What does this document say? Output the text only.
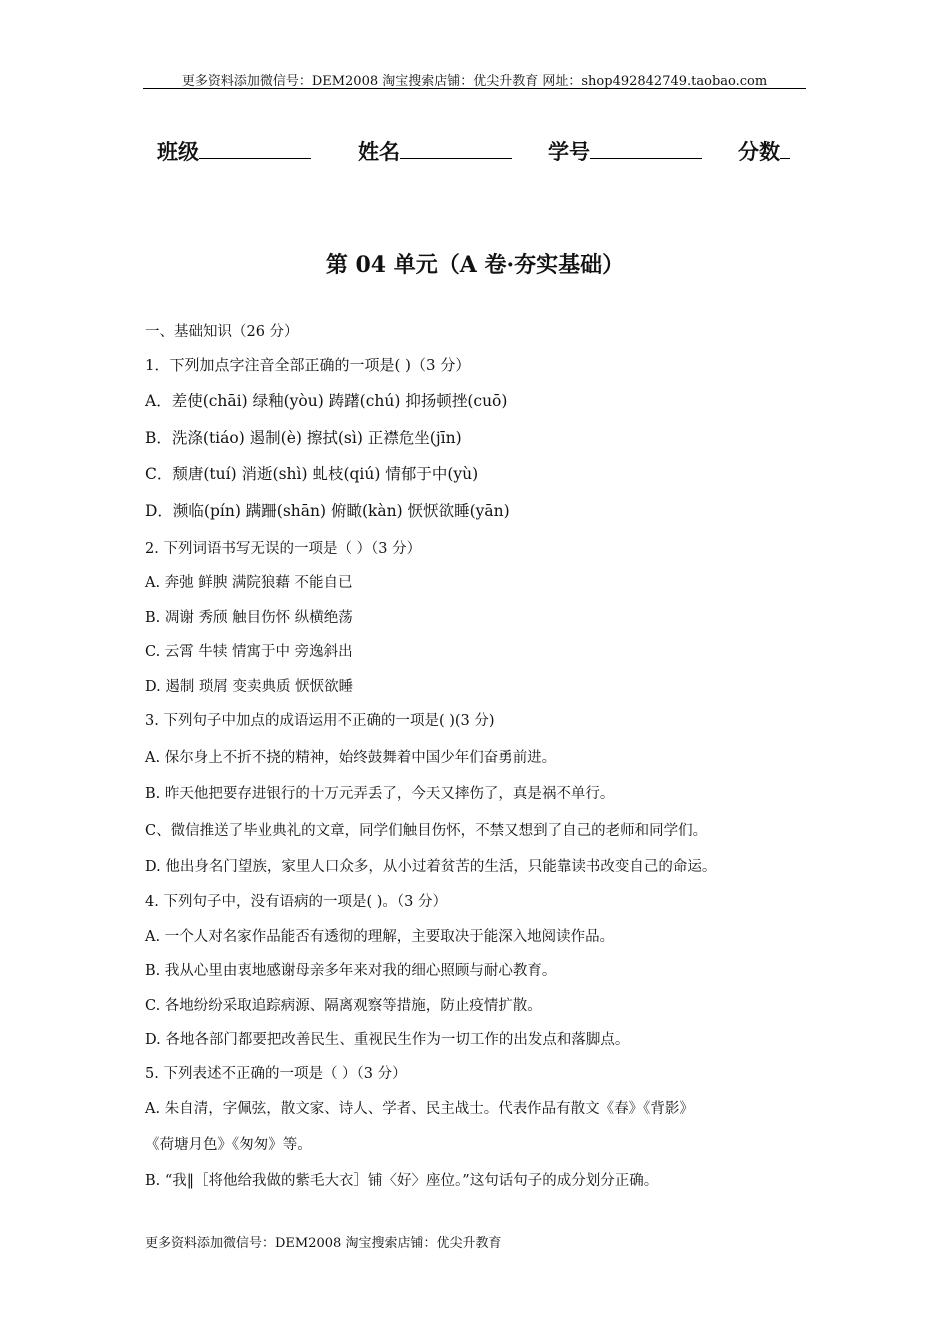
更多资料添加微信号：DEM2008 淘宝搜索店铺：优尖升教育 网址：shop492842749.taobao.com
班级	姓名	学号	分数
第 04 单元（A 卷·夯实基础）
一、基础知识（26 分）
1．下列加点字注音全部正确的一项是( )（3 分）
A．差使(chāi) 绿釉(yòu) 踌躇(chú) 抑扬顿挫(cuō)
B．洗涤(tiáo) 遏制(è) 擦拭(sì) 正襟危坐(jīn)
C．颓唐(tuí) 消逝(shì) 虬枝(qiú) 情郁于中(yù)
D．濒临(pín) 蹒跚(shān) 俯瞰(kàn) 恹恹欲睡(yān)
2. 下列词语书写无误的一项是（ ）（3 分）
A. 奔弛 鲜腴 满院狼藉 不能自已
B. 凋谢 秀颀 触目伤怀 纵横绝荡
C. 云霄 牛犊 情寓于中 旁逸斜出
D. 遏制 琐屑 变卖典质 恹恹欲睡
3. 下列句子中加点的成语运用不正确的一项是( )(3 分)
A. 保尔身上不折不挠的精神，始终鼓舞着中国少年们奋勇前进。
B. 昨天他把要存进银行的十万元弄丢了，今天又摔伤了，真是祸不单行。
C、微信推送了毕业典礼的文章，同学们触目伤怀，不禁又想到了自己的老师和同学们。
D. 他出身名门望族，家里人口众多，从小过着贫苦的生活，只能靠读书改变自己的命运。
4. 下列句子中，没有语病的一项是( )。（3 分）
A. 一个人对名家作品能否有透彻的理解，主要取决于能深入地阅读作品。
B. 我从心里由衷地感谢母亲多年来对我的细心照顾与耐心教育。
C. 各地纷纷采取追踪病源、隔离观察等措施，防止疫情扩散。
D. 各地各部门都要把改善民生、重视民生作为一切工作的出发点和落脚点。
5. 下列表述不正确的一项是（ ）（3 分）
A. 朱自清，字佩弦，散文家、诗人、学者、民主战士。代表作品有散文《春》《背影》
《荷塘月色》《匆匆》等。
B. “我‖［将他给我做的紫毛大衣］铺〈好〉座位。”这句话句子的成分划分正确。
更多资料添加微信号：DEM2008 淘宝搜索店铺：优尖升教育
